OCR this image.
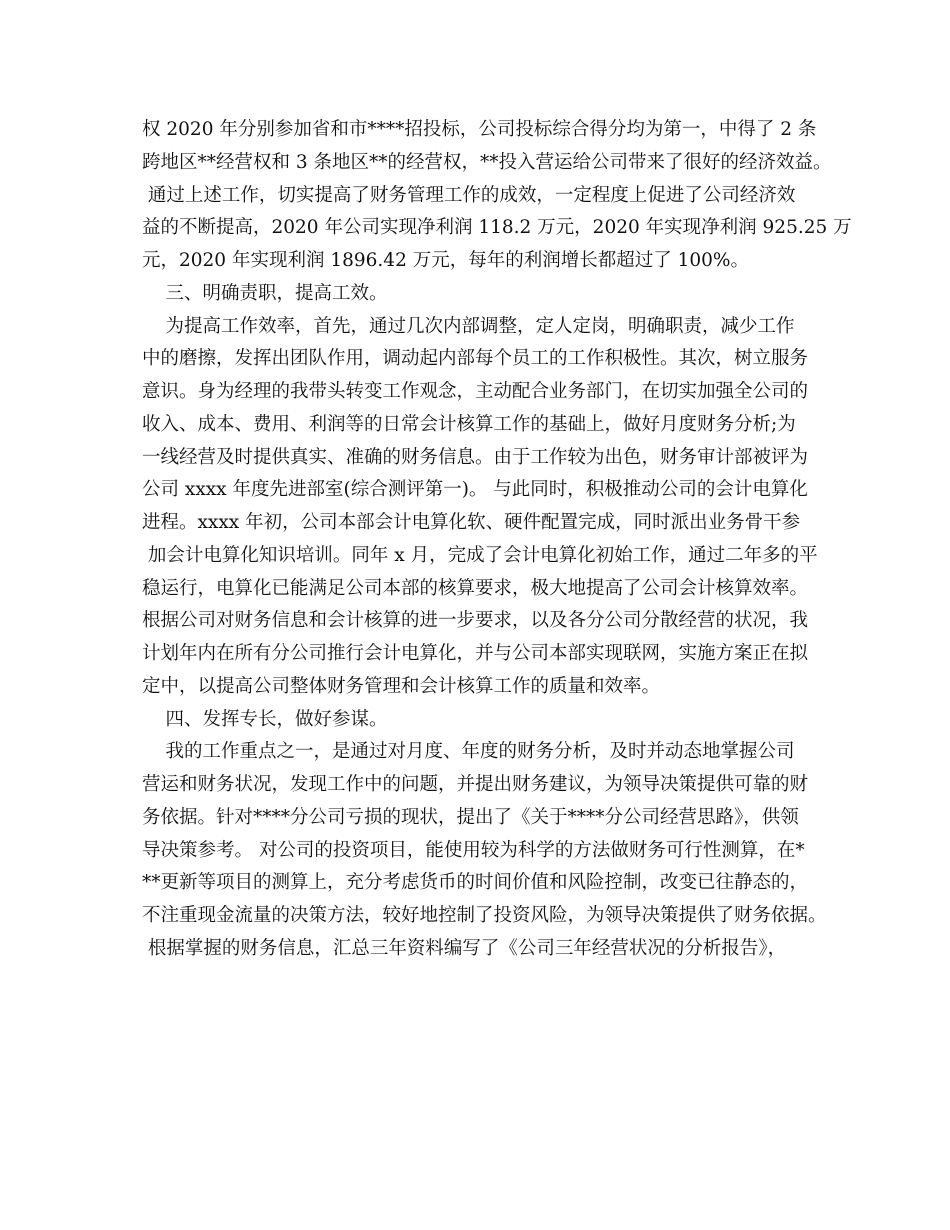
权 2020 年分别参加省和市****招投标，公司投标综合得分均为第一，中得了 2 条
跨地区**经营权和 3 条地区**的经营权，**投入营运给公司带来了很好的经济效益。
通过上述工作，切实提高了财务管理工作的成效，一定程度上促进了公司经济效
益的不断提高，2020 年公司实现净利润 118.2 万元，2020 年实现净利润 925.25 万
元，2020 年实现利润 1896.42 万元，每年的利润增长都超过了 100%。
三、明确责职，提高工效。
为提高工作效率，首先，通过几次内部调整，定人定岗，明确职责，减少工作
中的磨擦，发挥出团队作用，调动起内部每个员工的工作积极性。其次，树立服务
意识。身为经理的我带头转变工作观念，主动配合业务部门，在切实加强全公司的
收入、成本、费用、利润等的日常会计核算工作的基础上，做好月度财务分析;为
一线经营及时提供真实、准确的财务信息。由于工作较为出色，财务审计部被评为
公司 xxxx 年度先进部室(综合测评第一)。 与此同时，积极推动公司的会计电算化
进程。xxxx 年初，公司本部会计电算化软、硬件配置完成，同时派出业务骨干参
加会计电算化知识培训。同年 x 月，完成了会计电算化初始工作，通过二年多的平
稳运行，电算化已能满足公司本部的核算要求，极大地提高了公司会计核算效率。
根据公司对财务信息和会计核算的进一步要求，以及各分公司分散经营的状况，我
计划年内在所有分公司推行会计电算化，并与公司本部实现联网，实施方案正在拟
定中，以提高公司整体财务管理和会计核算工作的质量和效率。
四、发挥专长，做好参谋。
我的工作重点之一，是通过对月度、年度的财务分析，及时并动态地掌握公司
营运和财务状况，发现工作中的问题，并提出财务建议，为领导决策提供可靠的财
务依据。针对****分公司亏损的现状，提出了《关于****分公司经营思路》，供领
导决策参考。 对公司的投资项目，能使用较为科学的方法做财务可行性测算，在*
**更新等项目的测算上，充分考虑货币的时间价值和风险控制，改变已往静态的，
不注重现金流量的决策方法，较好地控制了投资风险，为领导决策提供了财务依据。
根据掌握的财务信息，汇总三年资料编写了《公司三年经营状况的分析报告》，
